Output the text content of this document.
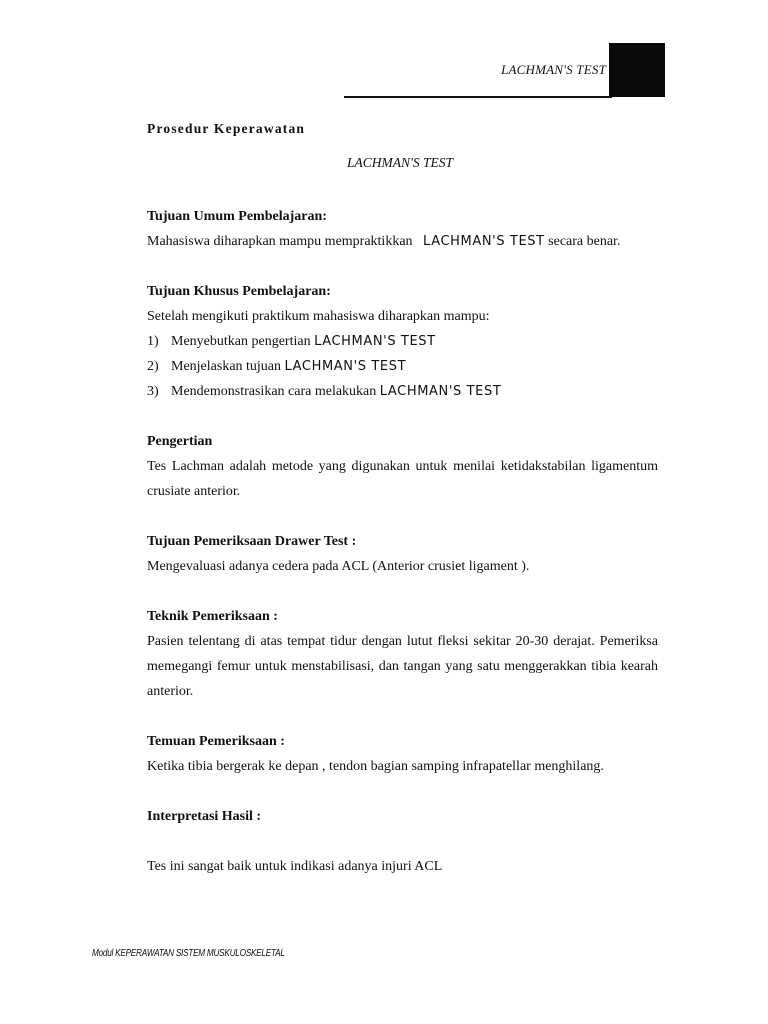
LACHMAN'S TEST
Prosedur Keperawatan
LACHMAN'S TEST
Tujuan Umum Pembelajaran:
Mahasiswa diharapkan mampu mempraktikkan LACHMAN'S TEST secara benar.
Tujuan Khusus Pembelajaran:
Setelah mengikuti praktikum mahasiswa diharapkan mampu:
1) Menyebutkan pengertian LACHMAN'S TEST
2) Menjelaskan tujuan LACHMAN'S TEST
3) Mendemonstrasikan cara melakukan LACHMAN'S TEST
Pengertian
Tes Lachman adalah metode yang digunakan untuk menilai ketidakstabilan ligamentum crusiate anterior.
Tujuan Pemeriksaan Drawer Test :
Mengevaluasi adanya cedera pada ACL (Anterior crusiet ligament ).
Teknik Pemeriksaan :
Pasien telentang di atas tempat tidur dengan lutut fleksi sekitar 20-30 derajat. Pemeriksa memegangi femur untuk menstabilisasi, dan tangan yang satu menggerakkan tibia kearah anterior.
Temuan Pemeriksaan :
Ketika tibia bergerak ke depan , tendon bagian samping infrapatellar menghilang.
Interpretasi Hasil :
Tes ini sangat baik untuk indikasi adanya injuri ACL
Modul KEPERAWATAN SISTEM MUSKULOSKELETAL
